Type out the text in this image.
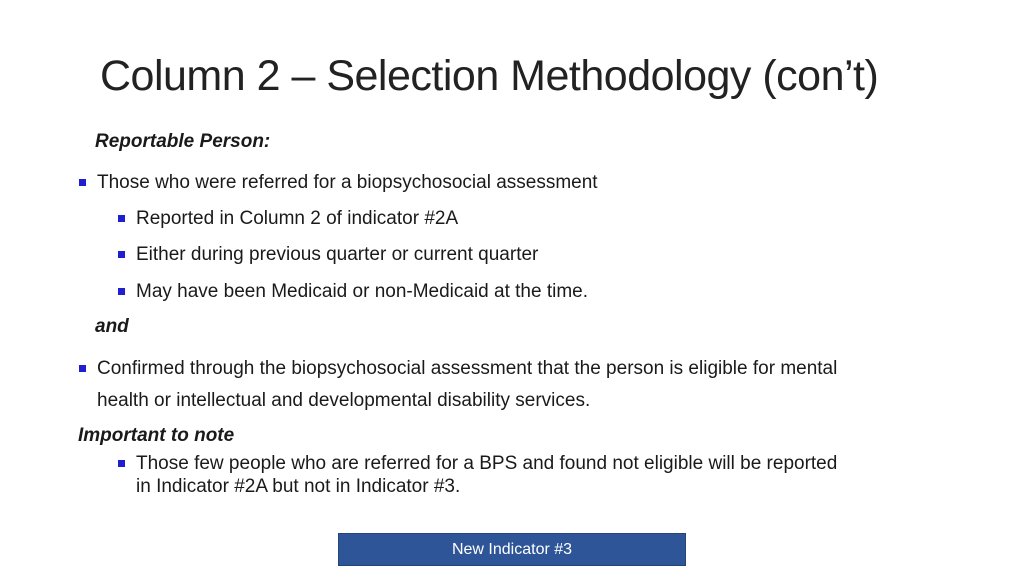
Column 2 – Selection Methodology (con’t)
Reportable Person:
Those who were referred for a biopsychosocial assessment
Reported in Column 2 of indicator #2A
Either during previous quarter or current quarter
May have been Medicaid or non-Medicaid at the time.
and
Confirmed through the biopsychosocial assessment that the person is eligible for mental
health or intellectual and developmental disability services.
Important to note
Those few people who are referred for a BPS and found not eligible will be reported
in Indicator #2A but not in Indicator #3.
New Indicator #3
